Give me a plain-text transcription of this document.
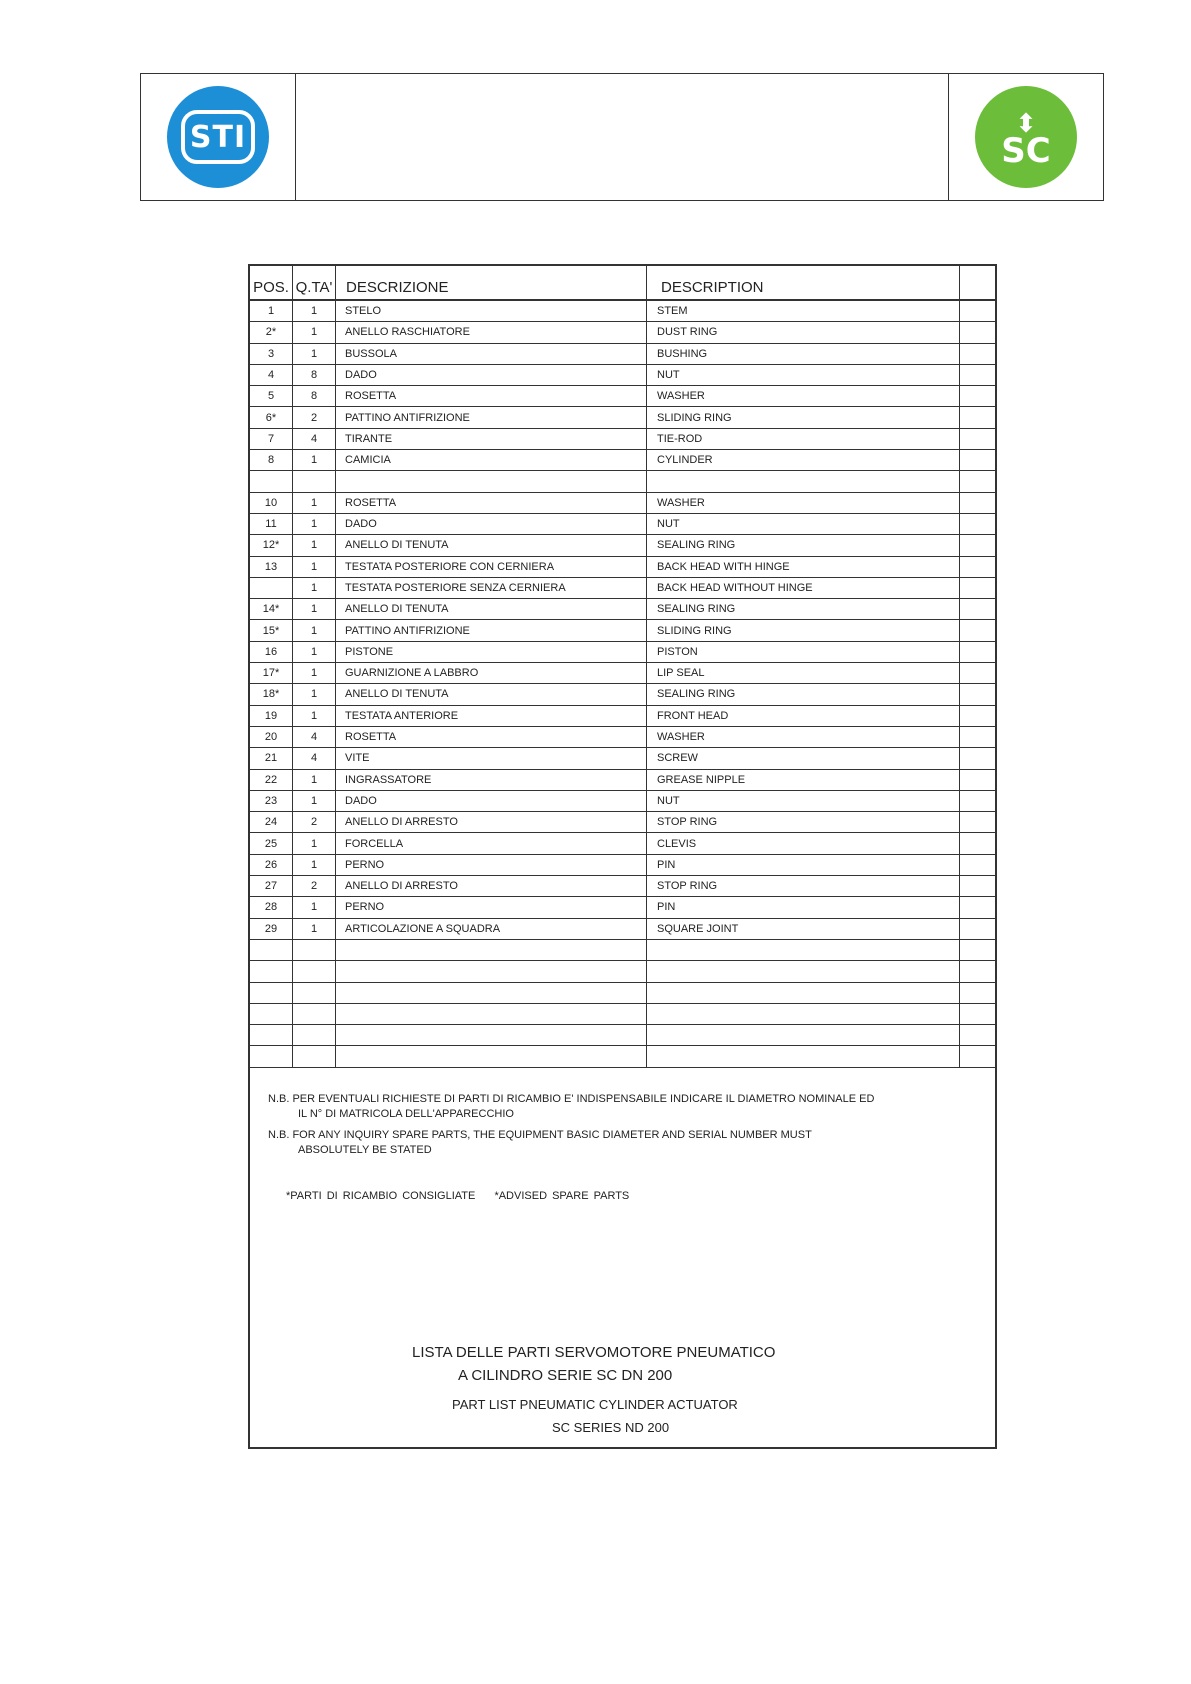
STI	⬍
SC
POS.	Q.TA'	DESCRIZIONE	DESCRIPTION	
1	1	STELO	STEM	
2*	1	ANELLO RASCHIATORE	DUST RING	
3	1	BUSSOLA	BUSHING	
4	8	DADO	NUT	
5	8	ROSETTA	WASHER	
6*	2	PATTINO ANTIFRIZIONE	SLIDING RING	
7	4	TIRANTE	TIE-ROD	
8	1	CAMICIA	CYLINDER	

10	1	ROSETTA	WASHER	
11	1	DADO	NUT	
12*	1	ANELLO DI TENUTA	SEALING RING	
13	1	TESTATA POSTERIORE CON CERNIERA	BACK HEAD WITH HINGE	
	1	TESTATA POSTERIORE SENZA CERNIERA	BACK HEAD WITHOUT HINGE	
14*	1	ANELLO DI TENUTA	SEALING RING	
15*	1	PATTINO ANTIFRIZIONE	SLIDING RING	
16	1	PISTONE	PISTON	
17*	1	GUARNIZIONE A LABBRO	LIP SEAL	
18*	1	ANELLO DI TENUTA	SEALING RING	
19	1	TESTATA ANTERIORE	FRONT HEAD	
20	4	ROSETTA	WASHER	
21	4	VITE	SCREW	
22	1	INGRASSATORE	GREASE NIPPLE	
23	1	DADO	NUT	
24	2	ANELLO DI ARRESTO	STOP RING	
25	1	FORCELLA	CLEVIS	
26	1	PERNO	PIN	
27	2	ANELLO DI ARRESTO	STOP RING	
28	1	PERNO	PIN	
29	1	ARTICOLAZIONE A SQUADRA	SQUARE JOINT	

N.B. PER EVENTUALI RICHIESTE DI PARTI DI RICAMBIO E' INDISPENSABILE INDICARE IL DIAMETRO NOMINALE ED
IL N° DI MATRICOLA DELL'APPARECCHIO
N.B. FOR ANY INQUIRY SPARE PARTS, THE EQUIPMENT BASIC DIAMETER AND SERIAL NUMBER MUST
ABSOLUTELY BE STATED
*PARTI DI RICAMBIO CONSIGLIATE *ADVISED SPARE PARTS
LISTA DELLE PARTI SERVOMOTORE PNEUMATICO
A CILINDRO SERIE SC DN 200
PART LIST PNEUMATIC CYLINDER ACTUATOR
SC SERIES ND 200
